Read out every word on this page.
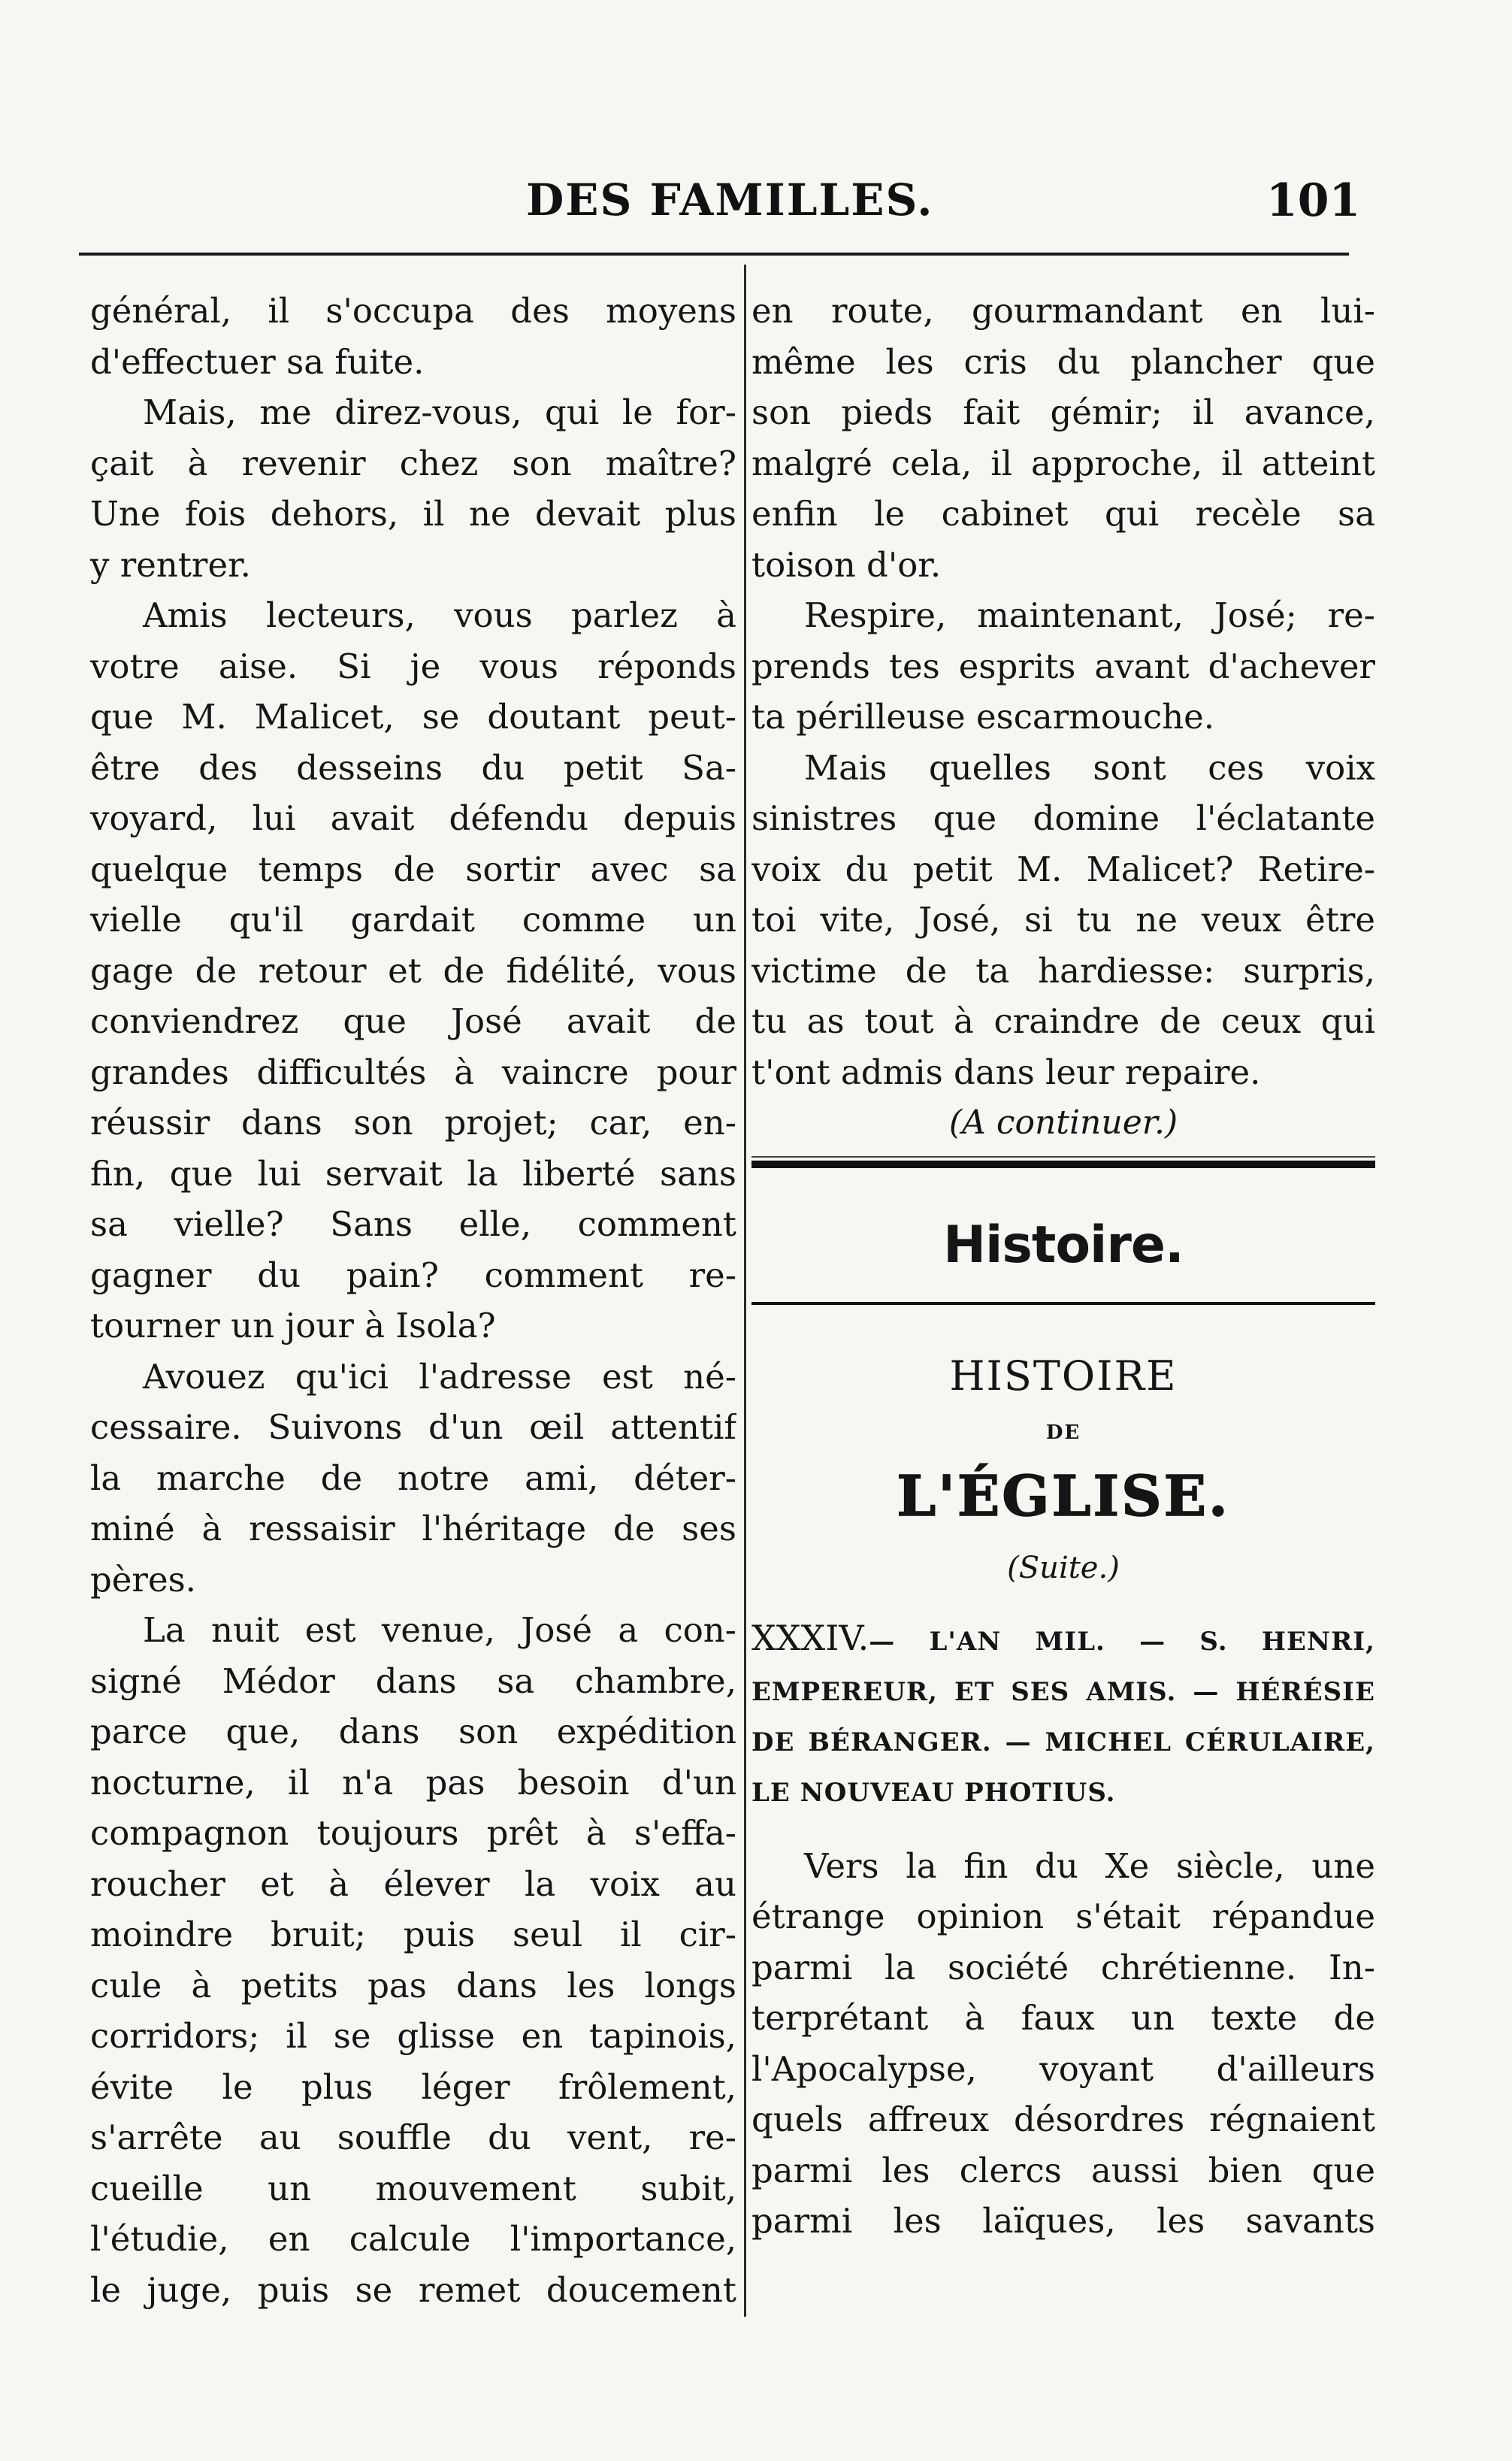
DES FAMILLES.	101
général, il s'occupa des moyens
d'effectuer sa fuite.
Mais, me direz-vous, qui le for-
çait à revenir chez son maître?
Une fois dehors, il ne devait plus
y rentrer.
Amis lecteurs, vous parlez à
votre aise. Si je vous réponds
que M. Malicet, se doutant peut-
être des desseins du petit Sa-
voyard, lui avait défendu depuis
quelque temps de sortir avec sa
vielle qu'il gardait comme un
gage de retour et de fidélité, vous
conviendrez que José avait de
grandes difficultés à vaincre pour
réussir dans son projet; car, en-
fin, que lui servait la liberté sans
sa vielle? Sans elle, comment
gagner du pain? comment re-
tourner un jour à Isola?
Avouez qu'ici l'adresse est né-
cessaire. Suivons d'un œil attentif
la marche de notre ami, déter-
miné à ressaisir l'héritage de ses
pères.
La nuit est venue, José a con-
signé Médor dans sa chambre,
parce que, dans son expédition
nocturne, il n'a pas besoin d'un
compagnon toujours prêt à s'effa-
roucher et à élever la voix au
moindre bruit; puis seul il cir-
cule à petits pas dans les longs
corridors; il se glisse en tapinois,
évite le plus léger frôlement,
s'arrête au souffle du vent, re-
cueille un mouvement subit,
l'étudie, en calcule l'importance,
le juge, puis se remet doucement
en route, gourmandant en lui-
même les cris du plancher que
son pieds fait gémir; il avance,
malgré cela, il approche, il atteint
enfin le cabinet qui recèle sa
toison d'or.
Respire, maintenant, José; re-
prends tes esprits avant d'achever
ta périlleuse escarmouche.
Mais quelles sont ces voix
sinistres que domine l'éclatante
voix du petit M. Malicet? Retire-
toi vite, José, si tu ne veux être
victime de ta hardiesse: surpris,
tu as tout à craindre de ceux qui
t'ont admis dans leur repaire.
(A continuer.)
Histoire.
HISTOIRE
DE
L'ÉGLISE.
(Suite.)
XXXIV.— L'AN MIL. — S. HENRI, EMPEREUR, ET SES AMIS. — HÉRÉSIE DE BÉRANGER. — MICHEL CÉRULAIRE, LE NOUVEAU PHOTIUS.
Vers la fin du Xe siècle, une
étrange opinion s'était répandue
parmi la société chrétienne. In-
terprétant à faux un texte de
l'Apocalypse, voyant d'ailleurs
quels affreux désordres régnaient
parmi les clercs aussi bien que
parmi les laïques, les savants
